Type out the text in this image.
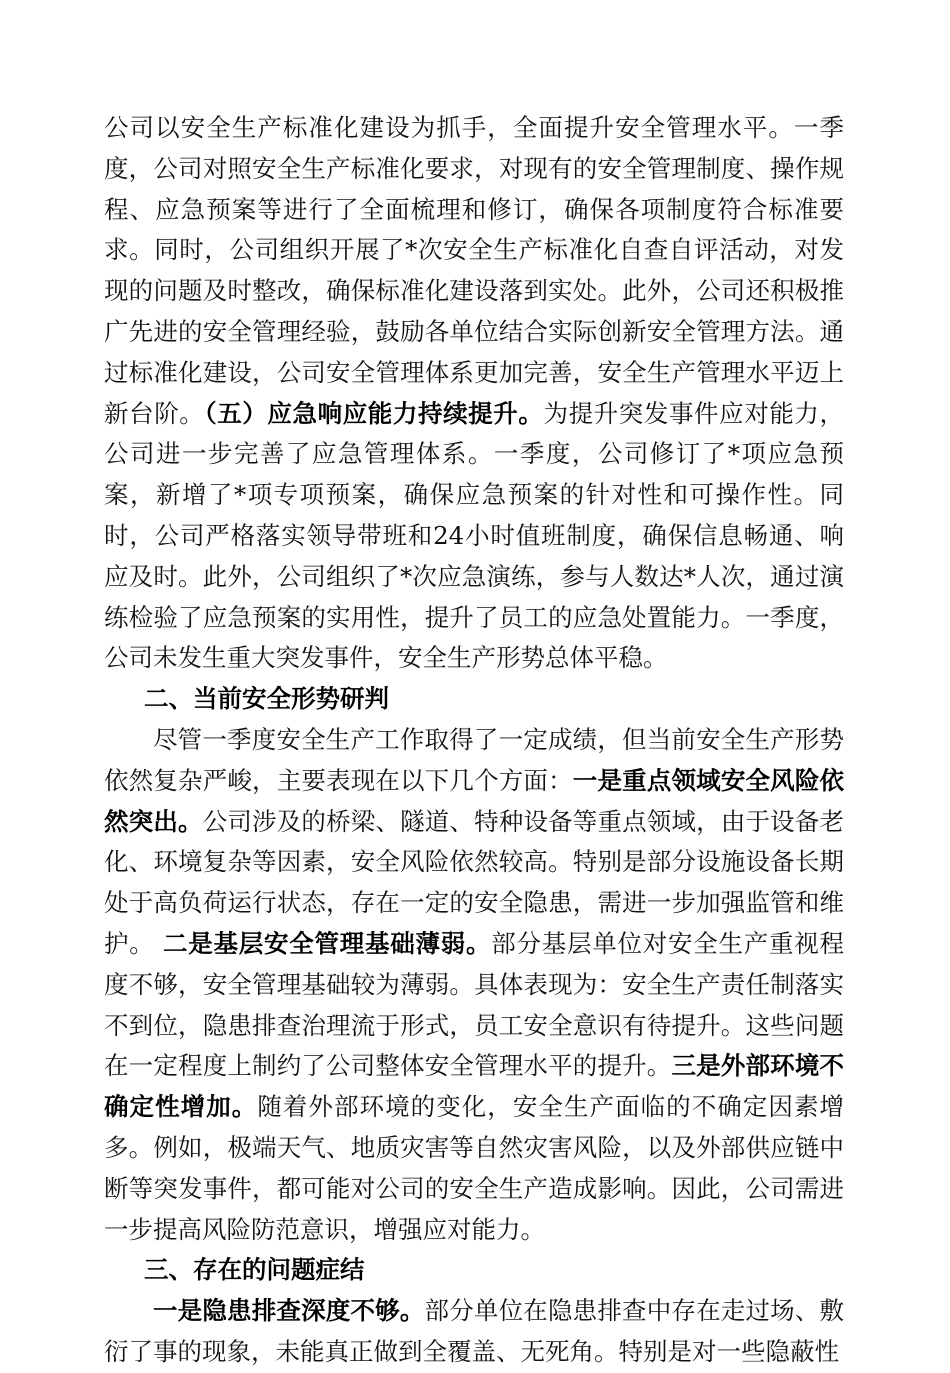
公司以安全生产标准化建设为抓手，全面提升安全管理水平。一季度，公司对照安全生产标准化要求，对现有的安全管理制度、操作规程、应急预案等进行了全面梳理和修订，确保各项制度符合标准要求。同时，公司组织开展了*次安全生产标准化自查自评活动，对发现的问题及时整改，确保标准化建设落到实处。此外，公司还积极推广先进的安全管理经验，鼓励各单位结合实际创新安全管理方法。通过标准化建设，公司安全管理体系更加完善，安全生产管理水平迈上新台阶。（五）应急响应能力持续提升。为提升突发事件应对能力，公司进一步完善了应急管理体系。一季度，公司修订了*项应急预案，新增了*项专项预案，确保应急预案的针对性和可操作性。同时，公司严格落实领导带班和24小时值班制度，确保信息畅通、响应及时。此外，公司组织了*次应急演练，参与人数达*人次，通过演练检验了应急预案的实用性，提升了员工的应急处置能力。一季度，公司未发生重大突发事件，安全生产形势总体平稳。

二、当前安全形势研判

尽管一季度安全生产工作取得了一定成绩，但当前安全生产形势依然复杂严峻，主要表现在以下几个方面：一是重点领域安全风险依然突出。公司涉及的桥梁、隧道、特种设备等重点领域，由于设备老化、环境复杂等因素，安全风险依然较高。特别是部分设施设备长期处于高负荷运行状态，存在一定的安全隐患，需进一步加强监管和维护。 二是基层安全管理基础薄弱。部分基层单位对安全生产重视程度不够，安全管理基础较为薄弱。具体表现为：安全生产责任制落实不到位，隐患排查治理流于形式，员工安全意识有待提升。这些问题在一定程度上制约了公司整体安全管理水平的提升。三是外部环境不确定性增加。随着外部环境的变化，安全生产面临的不确定因素增多。例如，极端天气、地质灾害等自然灾害风险，以及外部供应链中断等突发事件，都可能对公司的安全生产造成影响。因此，公司需进一步提高风险防范意识，增强应对能力。

三、存在的问题症结

一是隐患排查深度不够。部分单位在隐患排查中存在走过场、敷衍了事的现象，未能真正做到全覆盖、无死角。特别是对一些隐蔽性
